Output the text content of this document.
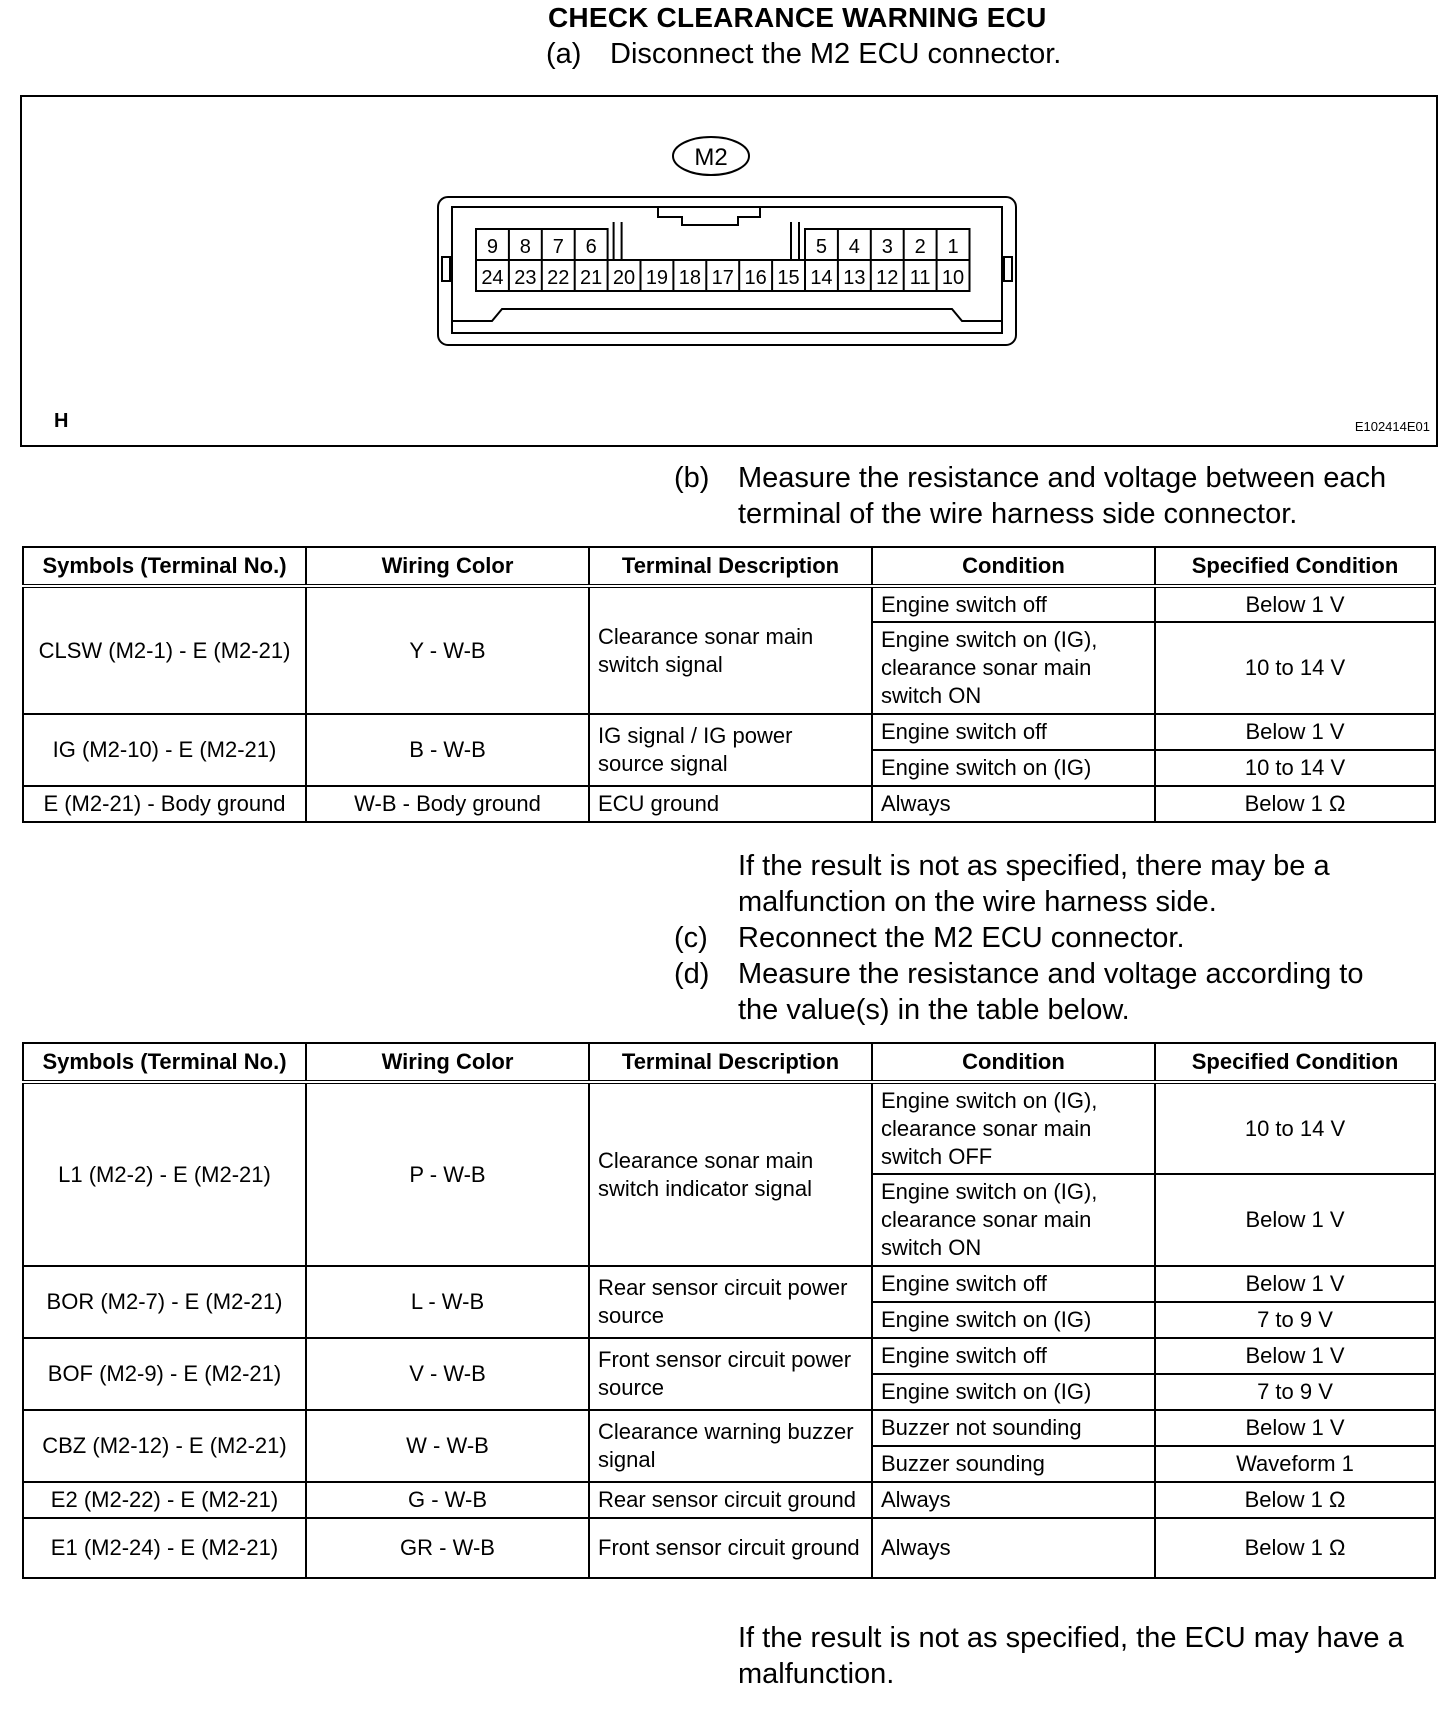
CHECK CLEARANCE WARNING ECU
(a) Disconnect the M2 ECU connector.
M2
9 8 7 6	5 4 3 2 1
24 23 22 21 20 19 18 17 16 15 14 13 12 11 10
H	E102414E01
(b) Measure the resistance and voltage between each
terminal of the wire harness side connector.
Symbols (Terminal No.)	Wiring Color	Terminal Description	Condition	Specified Condition
CLSW (M2-1) - E (M2-21)	Y - W-B	Clearance sonar main switch signal	Engine switch off	Below 1 V
			Engine switch on (IG), clearance sonar main switch ON	10 to 14 V
IG (M2-10) - E (M2-21)	B - W-B	IG signal / IG power source signal	Engine switch off	Below 1 V
			Engine switch on (IG)	10 to 14 V
E (M2-21) - Body ground	W-B - Body ground	ECU ground	Always	Below 1 Ω
If the result is not as specified, there may be a
malfunction on the wire harness side.
(c) Reconnect the M2 ECU connector.
(d) Measure the resistance and voltage according to
the value(s) in the table below.
Symbols (Terminal No.)	Wiring Color	Terminal Description	Condition	Specified Condition
L1 (M2-2) - E (M2-21)	P - W-B	Clearance sonar main switch indicator signal	Engine switch on (IG), clearance sonar main switch OFF	10 to 14 V
			Engine switch on (IG), clearance sonar main switch ON	Below 1 V
BOR (M2-7) - E (M2-21)	L - W-B	Rear sensor circuit power source	Engine switch off	Below 1 V
			Engine switch on (IG)	7 to 9 V
BOF (M2-9) - E (M2-21)	V - W-B	Front sensor circuit power source	Engine switch off	Below 1 V
			Engine switch on (IG)	7 to 9 V
CBZ (M2-12) - E (M2-21)	W - W-B	Clearance warning buzzer signal	Buzzer not sounding	Below 1 V
			Buzzer sounding	Waveform 1
E2 (M2-22) - E (M2-21)	G - W-B	Rear sensor circuit ground	Always	Below 1 Ω
E1 (M2-24) - E (M2-21)	GR - W-B	Front sensor circuit ground	Always	Below 1 Ω
If the result is not as specified, the ECU may have a
malfunction.
